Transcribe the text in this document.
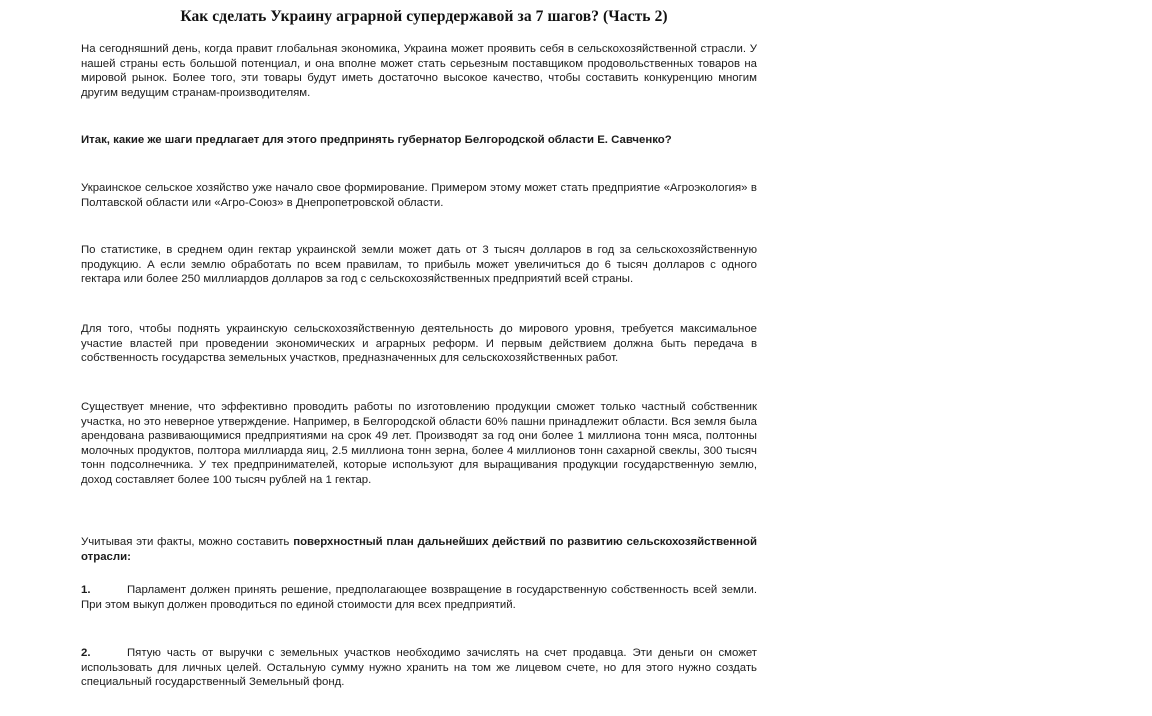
Как сделать Украину аграрной супердержавой за 7 шагов? (Часть 2)

На сегодняшний день, когда правит глобальная экономика, Украина может проявить себя в сельскохозяйственной страсли. У нашей страны есть большой потенциал, и она вполне может стать серьезным поставщиком продовольственных товаров на мировой рынок. Более того, эти товары будут иметь достаточно высокое качество, чтобы составить конкуренцию многим другим ведущим странам-производителям.

Итак, какие же шаги предлагает для этого предпринять губернатор Белгородской области Е. Савченко?

Украинское сельское хозяйство уже начало свое формирование. Примером этому может стать предприятие «Агроэкология» в Полтавской области или «Агро-Союз» в Днепропетровской области.

По статистике, в среднем один гектар украинской земли может дать от 3 тысяч долларов в год за сельскохозяйственную продукцию. А если землю обработать по всем правилам, то прибыль может увеличиться до 6 тысяч долларов с одного гектара или более 250 миллиардов долларов за год с сельскохозяйственных предприятий всей страны.

Для того, чтобы поднять украинскую сельскохозяйственную деятельность до мирового уровня, требуется максимальное участие властей при проведении экономических и аграрных реформ. И первым действием должна быть передача в собственность государства земельных участков, предназначенных для сельскохозяйственных работ.

Существует мнение, что эффективно проводить работы по изготовлению продукции сможет только частный собственник участка, но это неверное утверждение. Например, в Белгородской области 60% пашни принадлежит области. Вся земля была арендована развивающимися предприятиями на срок 49 лет. Производят за год они более 1 миллиона тонн мяса, полтонны молочных продуктов, полтора миллиарда яиц, 2.5 миллиона тонн зерна, более 4 миллионов тонн сахарной свеклы, 300 тысяч тонн подсолнечника. У тех предпринимателей, которые используют для выращивания продукции государственную землю, доход составляет более 100 тысяч рублей на 1 гектар.

Учитывая эти факты, можно составить поверхностный план дальнейших действий по развитию сельскохозяйственной отрасли:

1.	Парламент должен принять решение, предполагающее возвращение в государственную собственность всей земли. При этом выкуп должен проводиться по единой стоимости для всех предприятий.

2.	Пятую часть от выручки с земельных участков необходимо зачислять на счет продавца. Эти деньги он сможет использовать для личных целей. Остальную сумму нужно хранить на том же лицевом счете, но для этого нужно создать специальный государственный Земельный фонд.
